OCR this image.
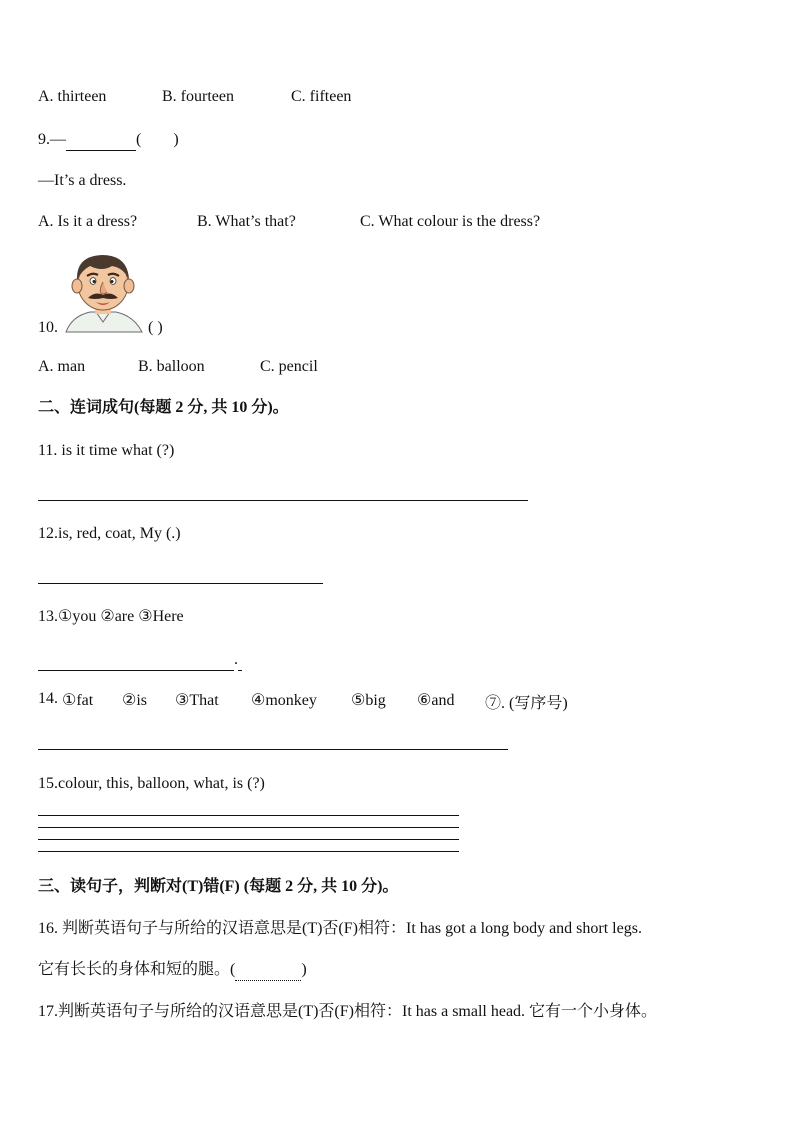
A. thirteen	B. fourteen	C. fifteen
9.—	(　　)
—It’s a dress.
A. Is it a dress?	B. What’s that?	C. What colour is the dress?
10.	( )
A. man	B. balloon	C. pencil
二、连词成句(每题 2 分, 共 10 分)。
11. is it time what (?)
12.is, red, coat, My (.)
13.①you ②are ③Here
.
14. ①fat ②is ③That ④monkey ⑤big ⑥and ⑦. (写序号)
15.colour, this, balloon, what, is (?)
三、读句子，判断对(T)错(F) (每题 2 分, 共 10 分)。
16. 判断英语句子与所给的汉语意思是(T)否(F)相符：It has got a long body and short legs.
它有长长的身体和短的腿。(	)
17.判断英语句子与所给的汉语意思是(T)否(F)相符：It has a small head. 它有一个小身体。
